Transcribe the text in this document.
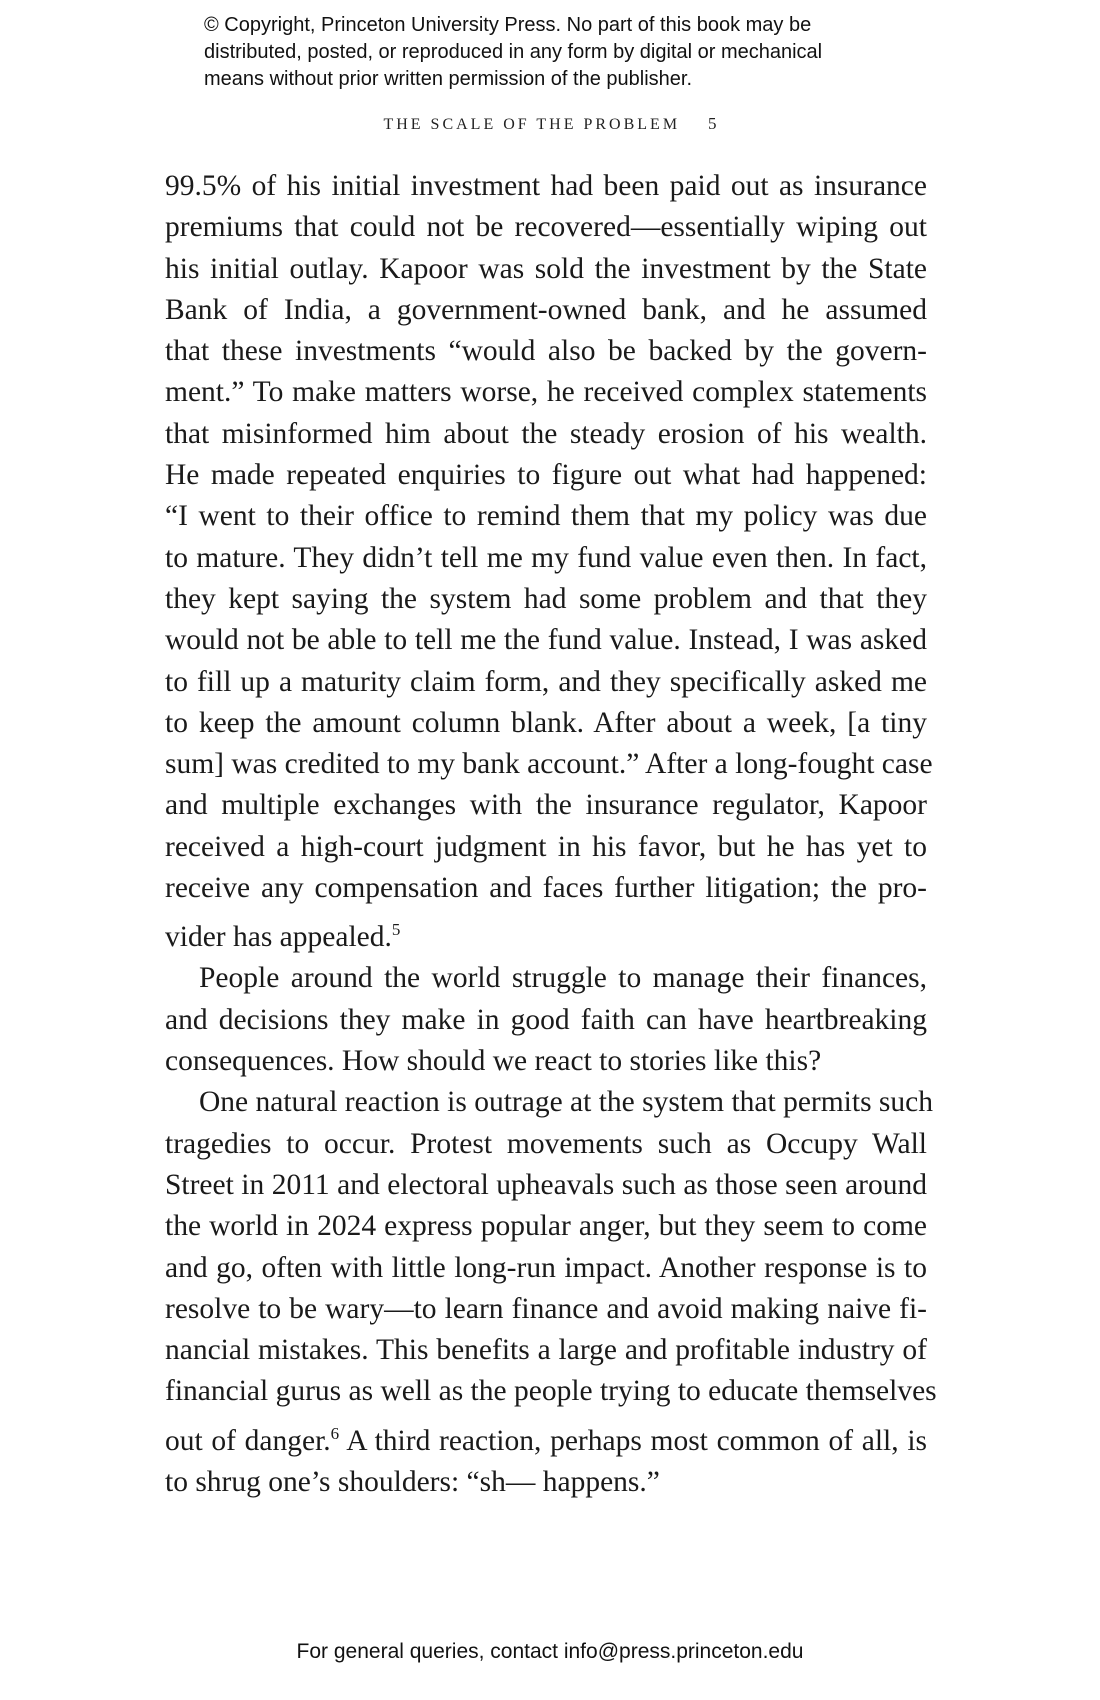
© Copyright, Princeton University Press. No part of this book may be

distributed, posted, or reproduced in any form by digital or mechanical

means without prior written permission of the publisher.

THE SCALE OF THE PROBLEM 5
99.5% of his initial investment had been paid out as insurance
premiums that could not be recovered—essentially wiping out
his initial outlay. Kapoor was sold the investment by the State
Bank of India, a government-owned bank, and he assumed
that these investments “would also be backed by the govern-
ment.” To make matters worse, he received complex statements
that misinformed him about the steady erosion of his wealth.
He made repeated enquiries to figure out what had happened:
“I went to their office to remind them that my policy was due
to mature. They didn’t tell me my fund value even then. In fact,
they kept saying the system had some problem and that they
would not be able to tell me the fund value. Instead, I was asked
to fill up a maturity claim form, and they specifically asked me
to keep the amount column blank. After about a week, [a tiny
sum] was credited to my bank account.” After a long-fought case
and multiple exchanges with the insurance regulator, Kapoor
received a high-court judgment in his favor, but he has yet to
receive any compensation and faces further litigation; the pro-
vider has appealed.$^5$
People around the world struggle to manage their finances,
and decisions they make in good faith can have heartbreaking
consequences. How should we react to stories like this?
One natural reaction is outrage at the system that permits such
tragedies to occur. Protest movements such as Occupy Wall
Street in 2011 and electoral upheavals such as those seen around
the world in 2024 express popular anger, but they seem to come
and go, often with little long-run impact. Another response is to
resolve to be wary—to learn finance and avoid making naive fi-
nancial mistakes. This benefits a large and profitable industry of
financial gurus as well as the people trying to educate themselves
out of danger.$^6$ A third reaction, perhaps most common of all, is
to shrug one’s shoulders: “sh— happens.”
For general queries, contact info@press.princeton.edu
